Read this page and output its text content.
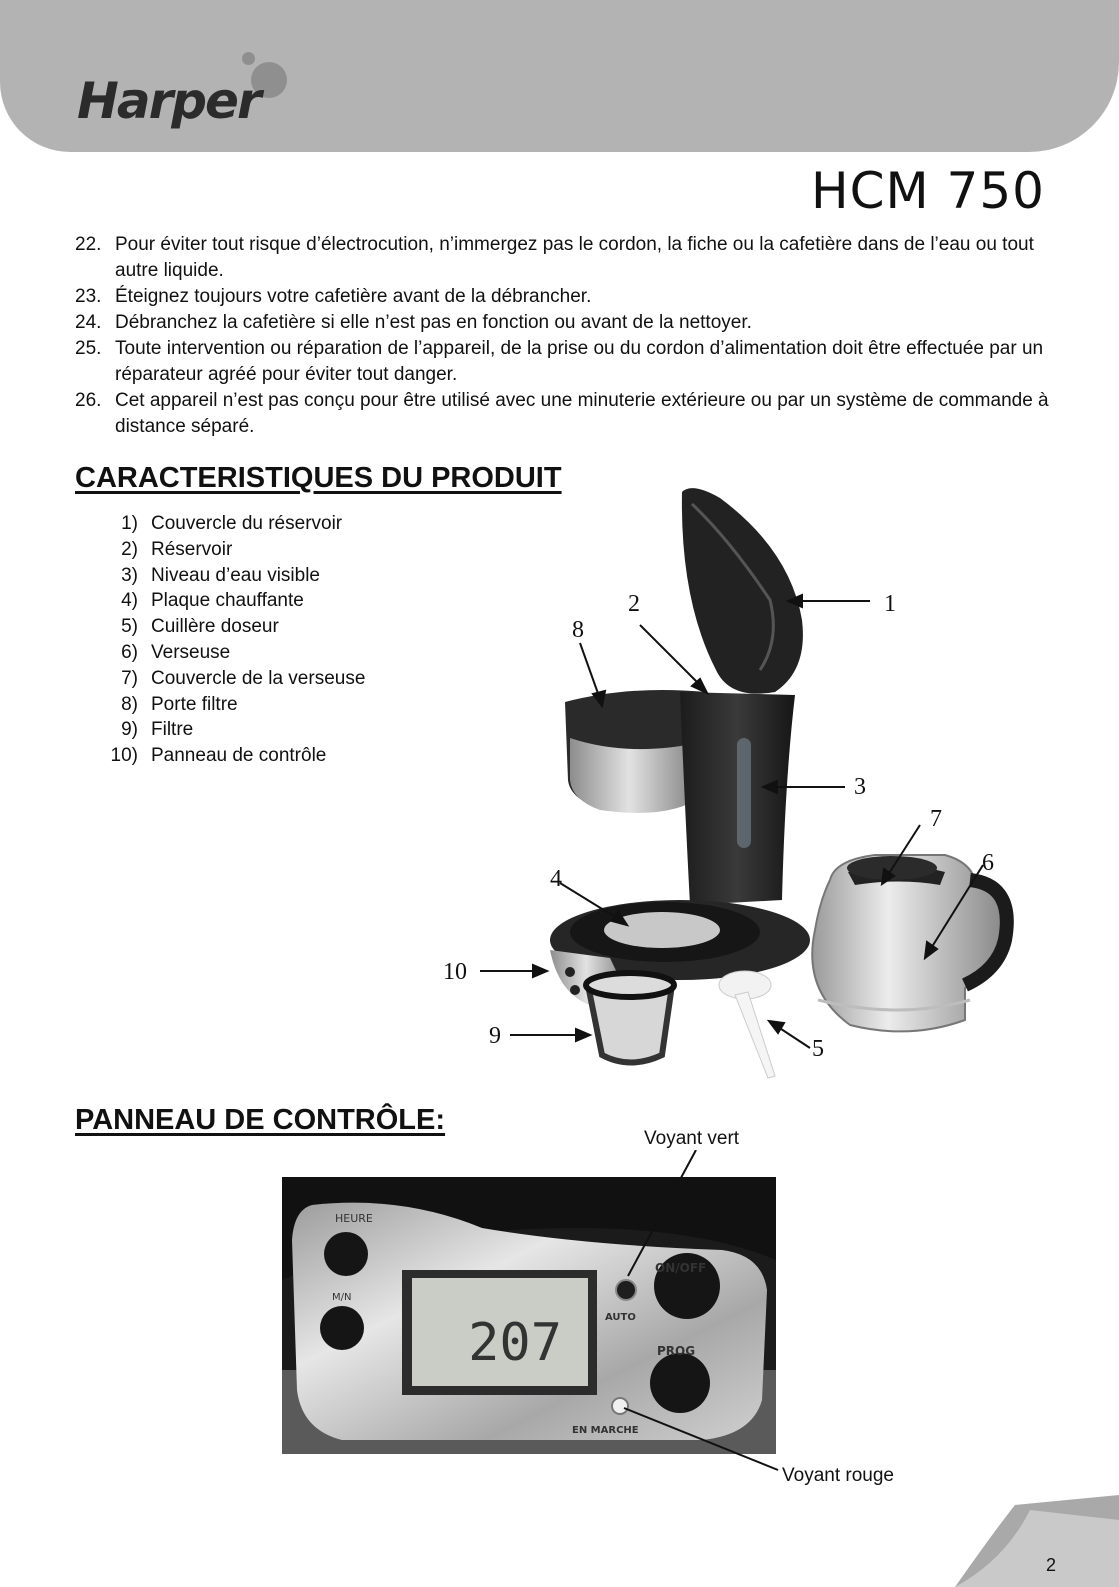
Harper
HCM 750
22. Pour éviter tout risque d’électrocution, n’immergez pas le cordon, la fiche ou la cafetière dans de l’eau ou tout autre liquide.
23. Éteignez toujours votre cafetière avant de la débrancher.
24. Débranchez la cafetière si elle n’est pas en fonction ou avant de la nettoyer.
25. Toute intervention ou réparation de l’appareil, de la prise ou du cordon d’alimentation doit être effectuée par un réparateur agréé pour éviter tout danger.
26. Cet appareil n’est pas conçu pour être utilisé avec une minuterie extérieure ou par un système de commande à distance séparé.
CARACTERISTIQUES DU PRODUIT
1) Couvercle du réservoir
2) Réservoir
3) Niveau d’eau visible
4) Plaque chauffante
5) Cuillère doseur
6) Verseuse
7) Couvercle de la verseuse
8) Porte filtre
9) Filtre
10) Panneau de contrôle
1
2
3
4
5
6
7
8
9
10
PANNEAU DE CONTRÔLE:
Voyant vert
Voyant rouge
207
HEURE
M/N
ON/OFF
PROG
AUTO
EN MARCHE
2
